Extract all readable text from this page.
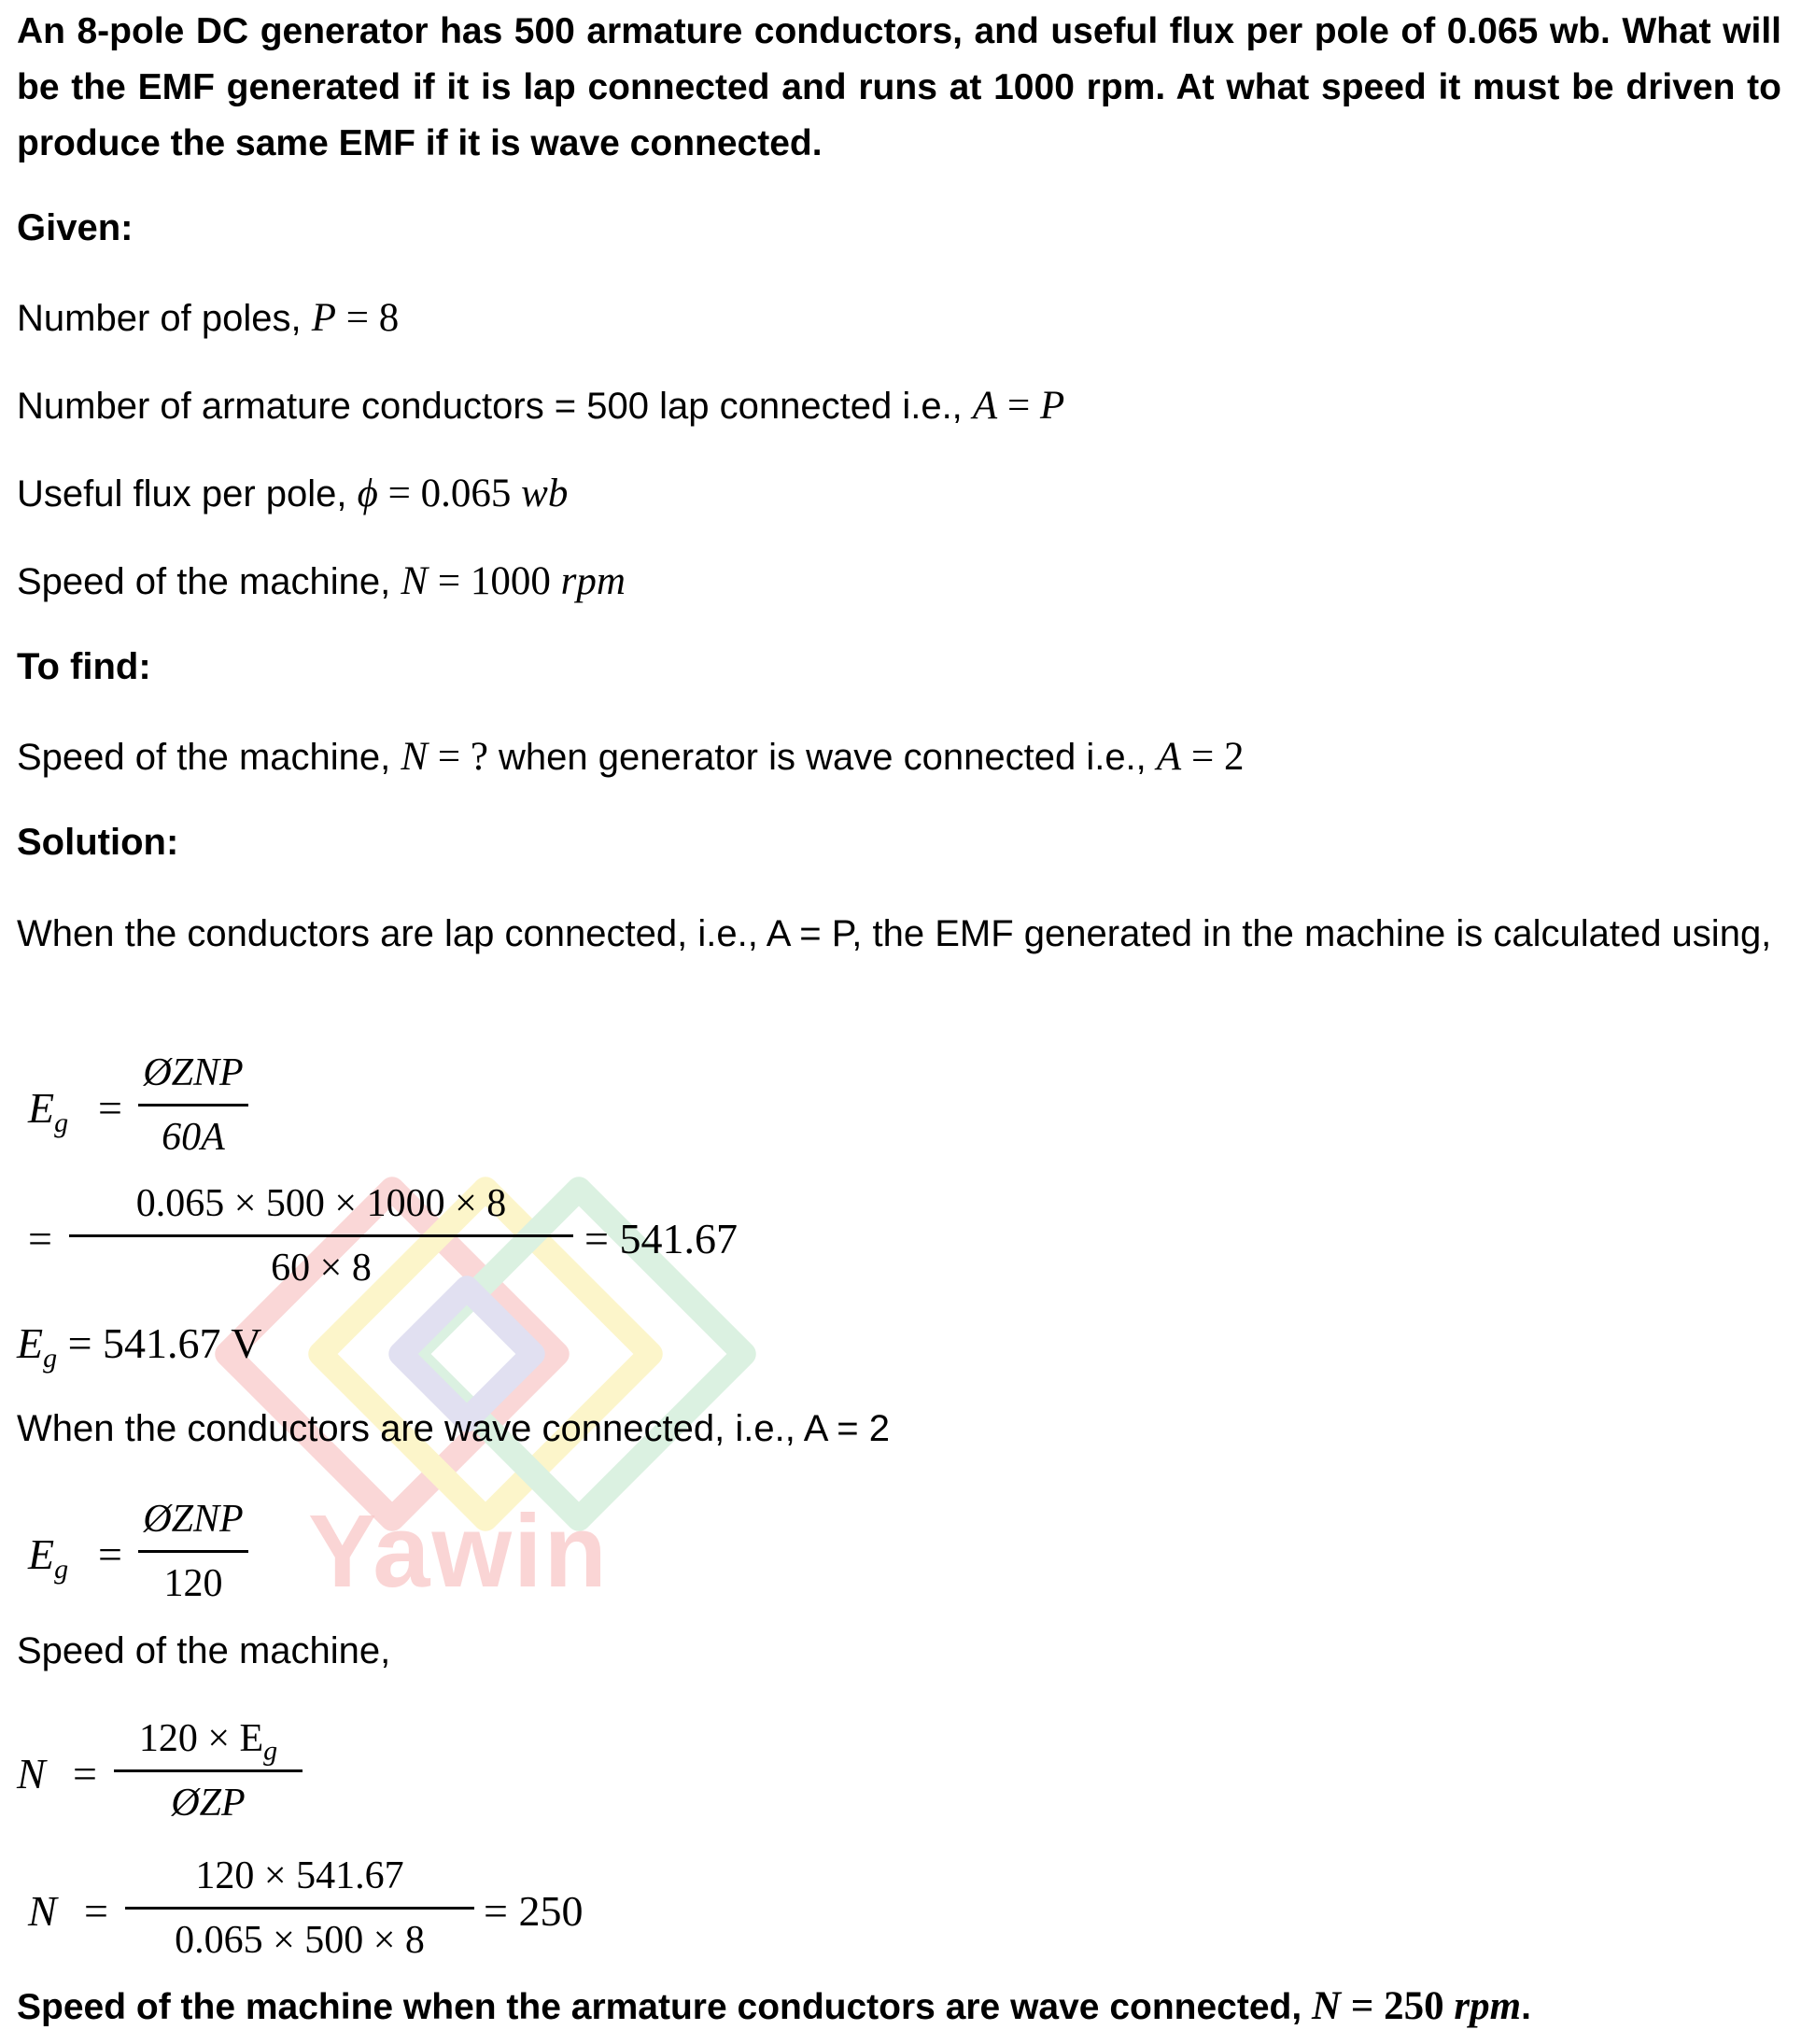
Yawin
An 8-pole DC generator has 500 armature conductors, and useful flux per pole of 0.065 wb. What will be the EMF generated if it is lap connected and runs at 1000 rpm. At what speed it must be driven to produce the same EMF if it is wave connected.
Given:
Number of poles, P = 8
Number of armature conductors = 500 lap connected i.e., A = P
Useful flux per pole, ϕ = 0.065 wb
Speed of the machine, N = 1000 rpm
To find:
Speed of the machine, N = ? when generator is wave connected i.e., A = 2
Solution:
When the conductors are lap connected, i.e., A = P, the EMF generated in the machine is calculated using,
$E_g$ =
ØZNP
60A
=
0.065 × 500 × 1000 × 8
60 × 8
= 541.67
$E_g = 541.67$ V
When the conductors are wave connected, i.e., A = 2
$E_g$ =
ØZNP
120
Speed of the machine,
N =
$120 \times E_g$
ØZP
N =
120 × 541.67
0.065 × 500 × 8
= 250
Speed of the machine when the armature conductors are wave connected, N = 250 rpm.
